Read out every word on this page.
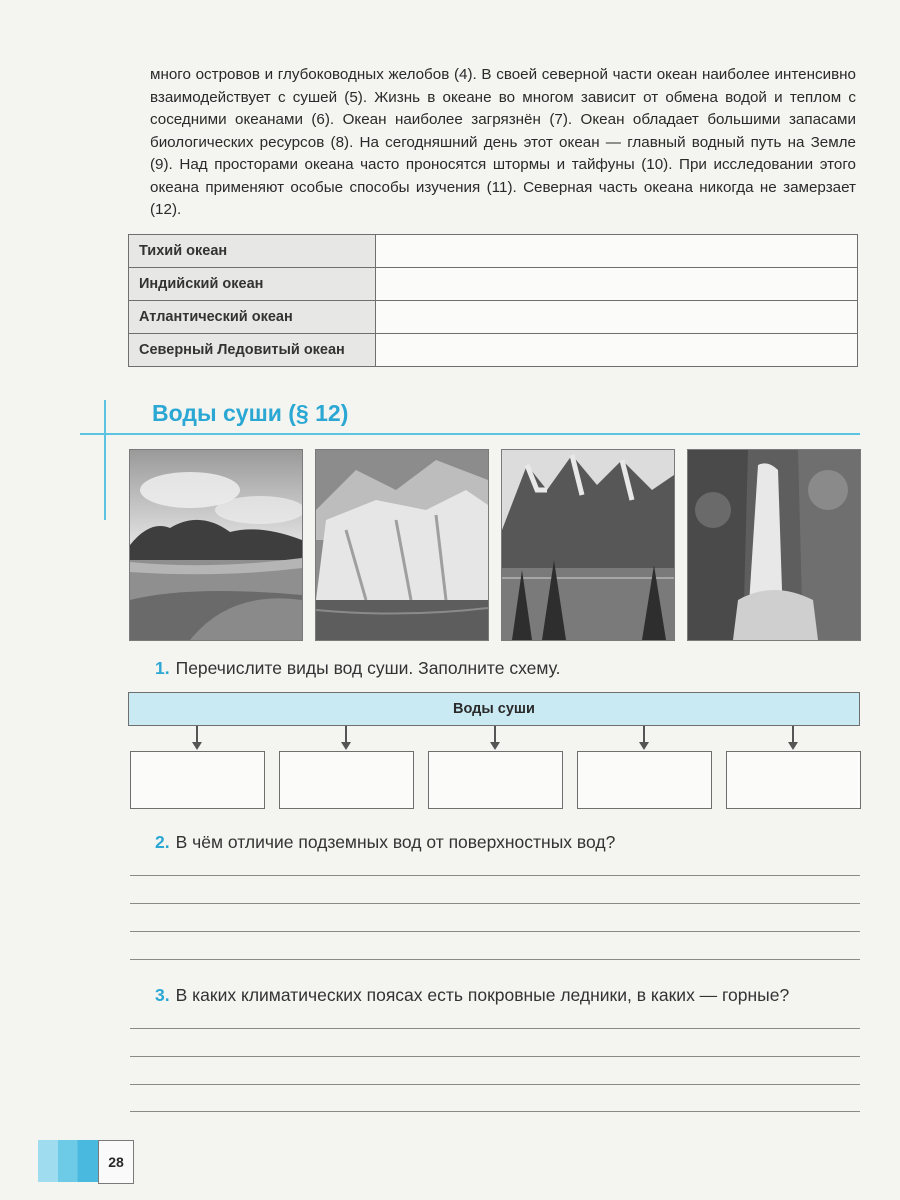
много островов и глубоководных желобов (4). В своей северной части океан наиболее интенсивно взаимодействует с сушей (5). Жизнь в океане во многом зависит от обмена водой и теплом с соседними океанами (6). Океан наиболее загрязнён (7). Океан обладает большими запасами биологических ресурсов (8). На сегодняшний день этот океан — главный водный путь на Земле (9). Над просторами океана часто проносятся штормы и тайфуны (10). При исследовании этого океана применяют особые способы изучения (11). Северная часть океана никогда не замерзает (12).
Тихий океан	
Индийский океан	
Атлантический океан	
Северный Ледовитый океан	
Воды суши (§ 12)
1. Перечислите виды вод суши. Заполните схему.
Воды суши
2. В чём отличие подземных вод от поверхностных вод?
3. В каких климатических поясах есть покровные ледники, в каких — горные?
28
